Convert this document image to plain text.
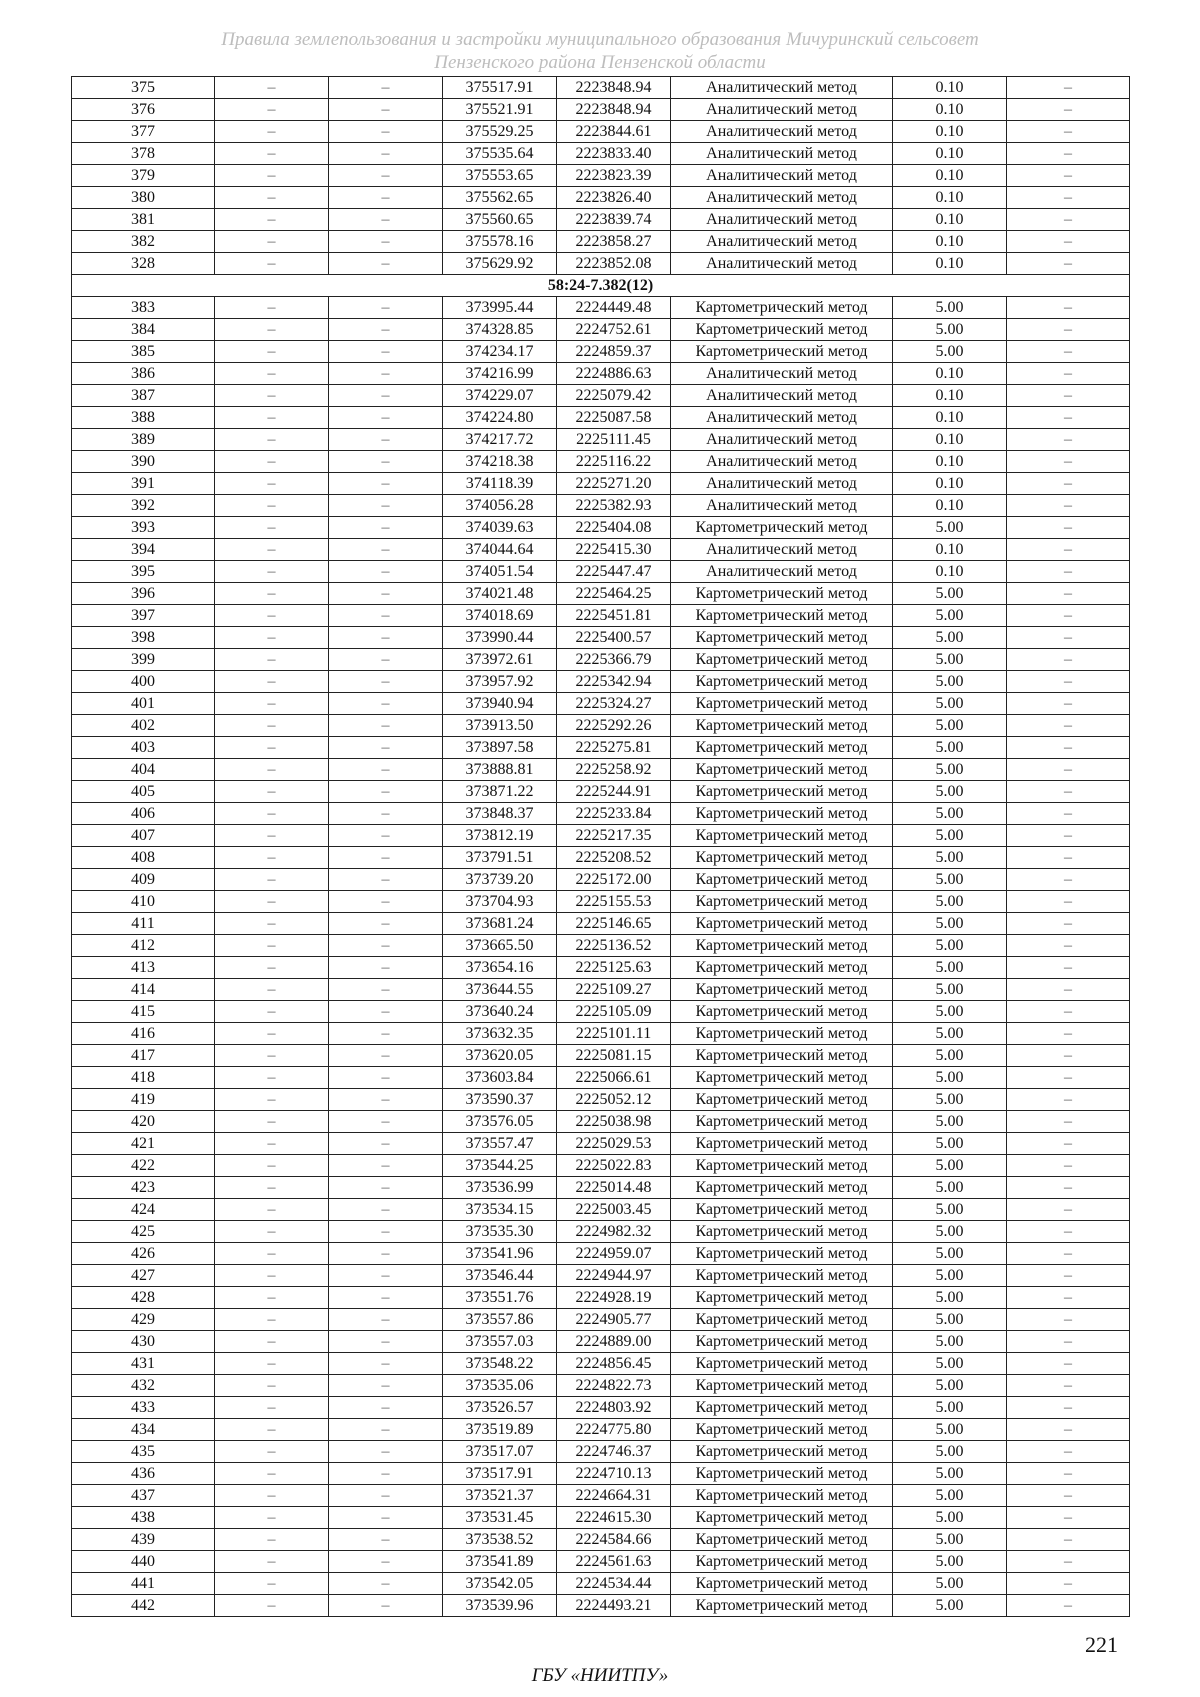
Правила землепользования и застройки муниципального образования Мичуринский сельсовет
Пензенского района Пензенской области
375	–	–	375517.91	2223848.94	Аналитический метод	0.10	–
376	–	–	375521.91	2223848.94	Аналитический метод	0.10	–
377	–	–	375529.25	2223844.61	Аналитический метод	0.10	–
378	–	–	375535.64	2223833.40	Аналитический метод	0.10	–
379	–	–	375553.65	2223823.39	Аналитический метод	0.10	–
380	–	–	375562.65	2223826.40	Аналитический метод	0.10	–
381	–	–	375560.65	2223839.74	Аналитический метод	0.10	–
382	–	–	375578.16	2223858.27	Аналитический метод	0.10	–
328	–	–	375629.92	2223852.08	Аналитический метод	0.10	–
58:24-7.382(12)							
383	–	–	373995.44	2224449.48	Картометрический метод	5.00	–
384	–	–	374328.85	2224752.61	Картометрический метод	5.00	–
385	–	–	374234.17	2224859.37	Картометрический метод	5.00	–
386	–	–	374216.99	2224886.63	Аналитический метод	0.10	–
387	–	–	374229.07	2225079.42	Аналитический метод	0.10	–
388	–	–	374224.80	2225087.58	Аналитический метод	0.10	–
389	–	–	374217.72	2225111.45	Аналитический метод	0.10	–
390	–	–	374218.38	2225116.22	Аналитический метод	0.10	–
391	–	–	374118.39	2225271.20	Аналитический метод	0.10	–
392	–	–	374056.28	2225382.93	Аналитический метод	0.10	–
393	–	–	374039.63	2225404.08	Картометрический метод	5.00	–
394	–	–	374044.64	2225415.30	Аналитический метод	0.10	–
395	–	–	374051.54	2225447.47	Аналитический метод	0.10	–
396	–	–	374021.48	2225464.25	Картометрический метод	5.00	–
397	–	–	374018.69	2225451.81	Картометрический метод	5.00	–
398	–	–	373990.44	2225400.57	Картометрический метод	5.00	–
399	–	–	373972.61	2225366.79	Картометрический метод	5.00	–
400	–	–	373957.92	2225342.94	Картометрический метод	5.00	–
401	–	–	373940.94	2225324.27	Картометрический метод	5.00	–
402	–	–	373913.50	2225292.26	Картометрический метод	5.00	–
403	–	–	373897.58	2225275.81	Картометрический метод	5.00	–
404	–	–	373888.81	2225258.92	Картометрический метод	5.00	–
405	–	–	373871.22	2225244.91	Картометрический метод	5.00	–
406	–	–	373848.37	2225233.84	Картометрический метод	5.00	–
407	–	–	373812.19	2225217.35	Картометрический метод	5.00	–
408	–	–	373791.51	2225208.52	Картометрический метод	5.00	–
409	–	–	373739.20	2225172.00	Картометрический метод	5.00	–
410	–	–	373704.93	2225155.53	Картометрический метод	5.00	–
411	–	–	373681.24	2225146.65	Картометрический метод	5.00	–
412	–	–	373665.50	2225136.52	Картометрический метод	5.00	–
413	–	–	373654.16	2225125.63	Картометрический метод	5.00	–
414	–	–	373644.55	2225109.27	Картометрический метод	5.00	–
415	–	–	373640.24	2225105.09	Картометрический метод	5.00	–
416	–	–	373632.35	2225101.11	Картометрический метод	5.00	–
417	–	–	373620.05	2225081.15	Картометрический метод	5.00	–
418	–	–	373603.84	2225066.61	Картометрический метод	5.00	–
419	–	–	373590.37	2225052.12	Картометрический метод	5.00	–
420	–	–	373576.05	2225038.98	Картометрический метод	5.00	–
421	–	–	373557.47	2225029.53	Картометрический метод	5.00	–
422	–	–	373544.25	2225022.83	Картометрический метод	5.00	–
423	–	–	373536.99	2225014.48	Картометрический метод	5.00	–
424	–	–	373534.15	2225003.45	Картометрический метод	5.00	–
425	–	–	373535.30	2224982.32	Картометрический метод	5.00	–
426	–	–	373541.96	2224959.07	Картометрический метод	5.00	–
427	–	–	373546.44	2224944.97	Картометрический метод	5.00	–
428	–	–	373551.76	2224928.19	Картометрический метод	5.00	–
429	–	–	373557.86	2224905.77	Картометрический метод	5.00	–
430	–	–	373557.03	2224889.00	Картометрический метод	5.00	–
431	–	–	373548.22	2224856.45	Картометрический метод	5.00	–
432	–	–	373535.06	2224822.73	Картометрический метод	5.00	–
433	–	–	373526.57	2224803.92	Картометрический метод	5.00	–
434	–	–	373519.89	2224775.80	Картометрический метод	5.00	–
435	–	–	373517.07	2224746.37	Картометрический метод	5.00	–
436	–	–	373517.91	2224710.13	Картометрический метод	5.00	–
437	–	–	373521.37	2224664.31	Картометрический метод	5.00	–
438	–	–	373531.45	2224615.30	Картометрический метод	5.00	–
439	–	–	373538.52	2224584.66	Картометрический метод	5.00	–
440	–	–	373541.89	2224561.63	Картометрический метод	5.00	–
441	–	–	373542.05	2224534.44	Картометрический метод	5.00	–
442	–	–	373539.96	2224493.21	Картометрический метод	5.00	–
221
ГБУ «НИИТПУ»
